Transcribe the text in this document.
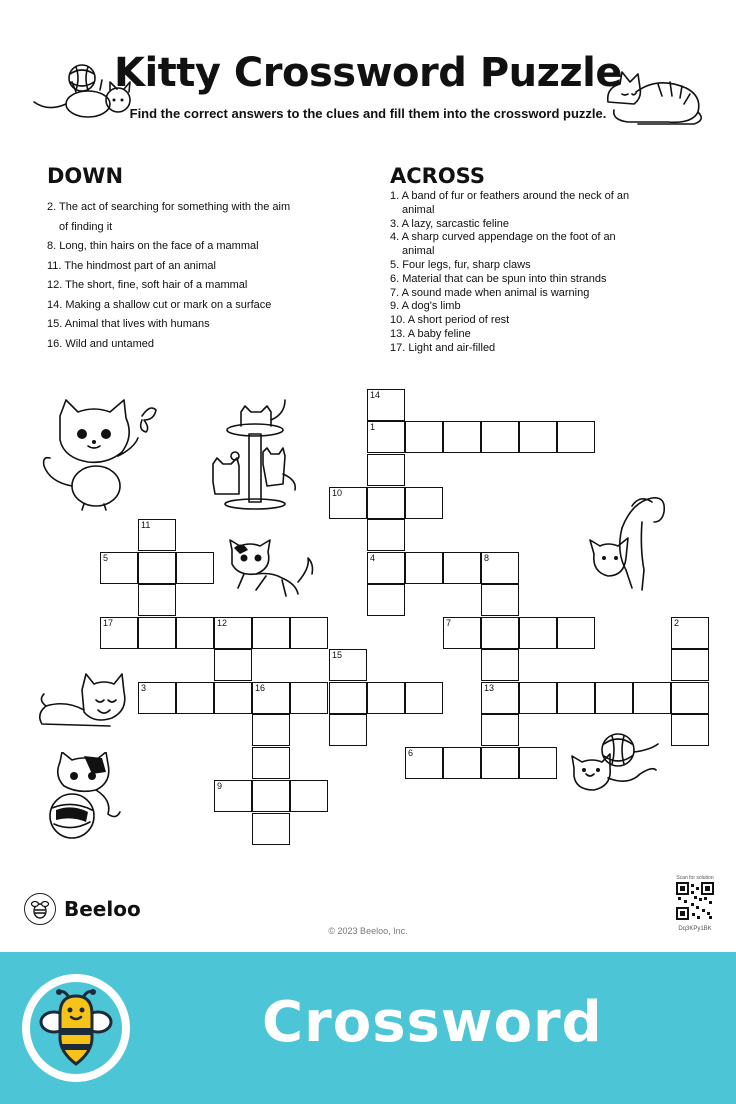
Kitty Crossword Puzzle

Find the correct answers to the clues and fill them into the crossword puzzle.

DOWN	ACROSS
2. The act of searching for something with the aim
of finding it
8. Long, thin hairs on the face of a mammal
11. The hindmost part of an animal
12. The short, fine, soft hair of a mammal
14. Making a shallow cut or mark on a surface
15. Animal that lives with humans
16. Wild and untamed
1. A band of fur or feathers around the neck of an
animal
3. A lazy, sarcastic feline
4. A sharp curved appendage on the foot of an
animal
5. Four legs, fur, sharp claws
6. Material that can be spun into thin strands
7. A sound made when animal is warning
9. A dog's limb
10. A short period of rest
13. A baby feline
17. Light and air-filled
14
1
10
11
5	4	8
17	12	7	2
15
3	16	13
6
9
Beeloo
© 2023 Beeloo, Inc.
Scan for solution
Dq3KPy1BK
Crossword
